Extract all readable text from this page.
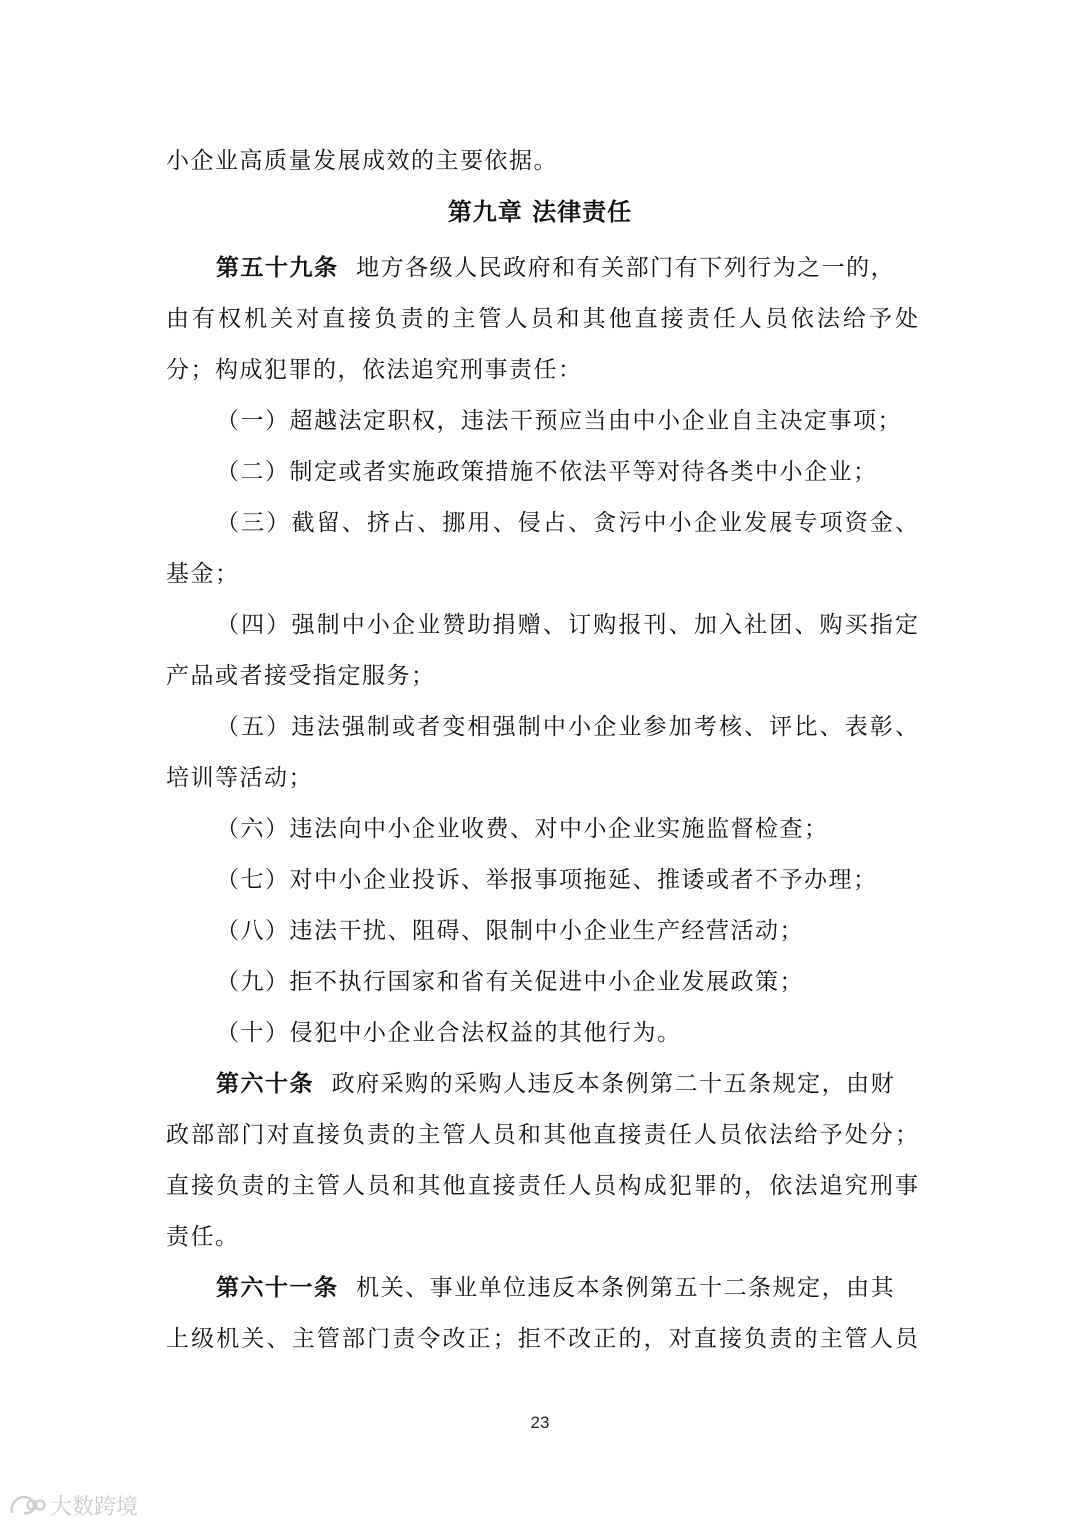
小企业高质量发展成效的主要依据。
第九章 法律责任
第五十九条 地方各级人民政府和有关部门有下列行为之一的，
由有权机关对直接负责的主管人员和其他直接责任人员依法给予处
分；构成犯罪的，依法追究刑事责任：
（一）超越法定职权，违法干预应当由中小企业自主决定事项；
（二）制定或者实施政策措施不依法平等对待各类中小企业；
（三）截留、挤占、挪用、侵占、贪污中小企业发展专项资金、
基金；
（四）强制中小企业赞助捐赠、订购报刊、加入社团、购买指定
产品或者接受指定服务；
（五）违法强制或者变相强制中小企业参加考核、评比、表彰、
培训等活动；
（六）违法向中小企业收费、对中小企业实施监督检查；
（七）对中小企业投诉、举报事项拖延、推诿或者不予办理；
（八）违法干扰、阻碍、限制中小企业生产经营活动；
（九）拒不执行国家和省有关促进中小企业发展政策；
（十）侵犯中小企业合法权益的其他行为。
第六十条 政府采购的采购人违反本条例第二十五条规定，由财
政部部门对直接负责的主管人员和其他直接责任人员依法给予处分；
直接负责的主管人员和其他直接责任人员构成犯罪的，依法追究刑事
责任。
第六十一条 机关、事业单位违反本条例第五十二条规定，由其
上级机关、主管部门责令改正；拒不改正的，对直接负责的主管人员
23
大数跨境
